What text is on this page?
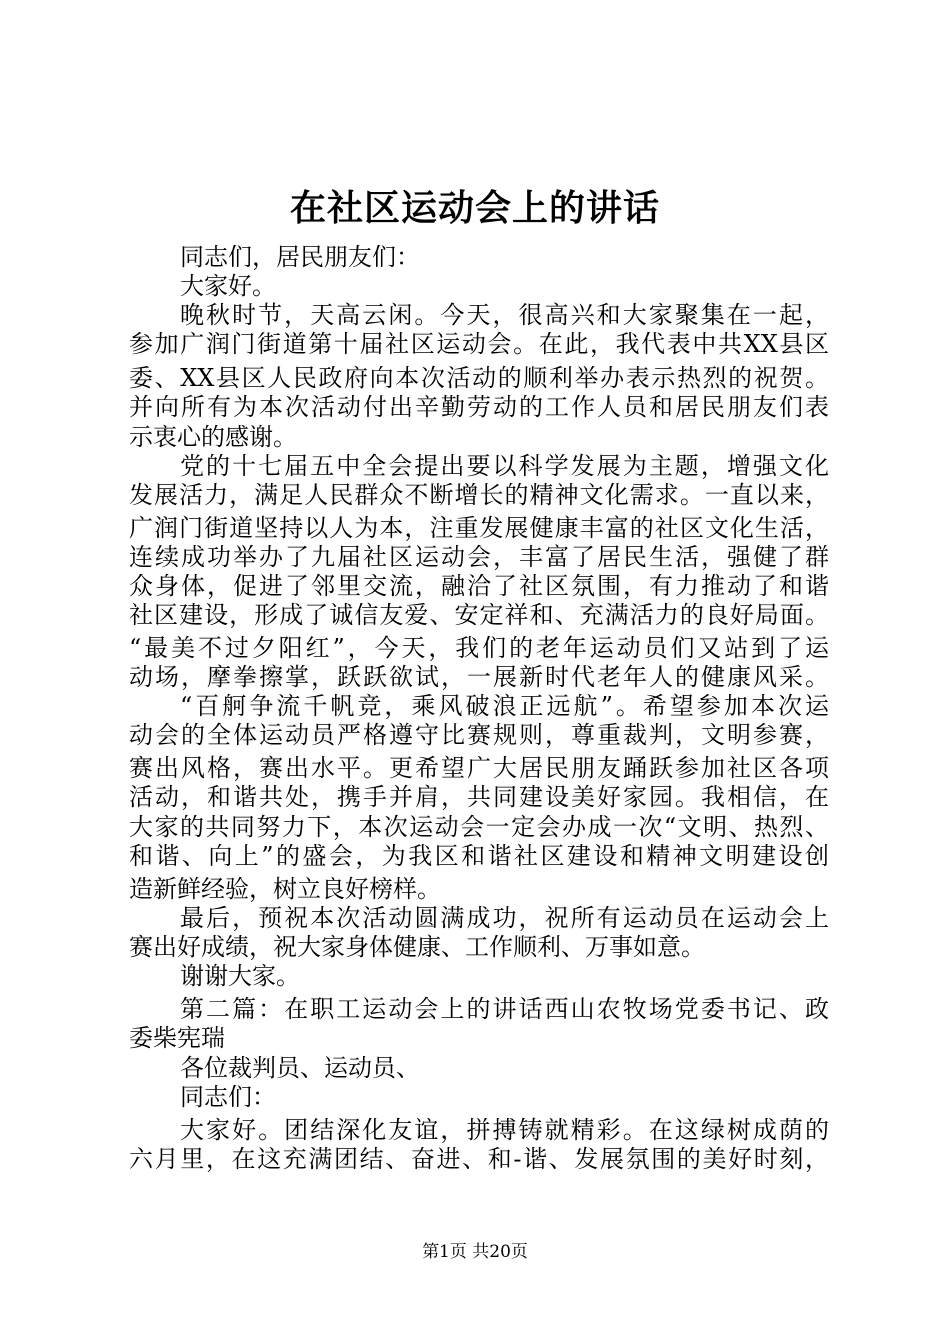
在社区运动会上的讲话
同志们，居民朋友们：
大家好。
晚秋时节，天高云闲。今天，很高兴和大家聚集在一起，
参加广润门街道第十届社区运动会。在此，我代表中共XX县区
委、XX县区人民政府向本次活动的顺利举办表示热烈的祝贺。
并向所有为本次活动付出辛勤劳动的工作人员和居民朋友们表
示衷心的感谢。
党的十七届五中全会提出要以科学发展为主题，增强文化
发展活力，满足人民群众不断增长的精神文化需求。一直以来，
广润门街道坚持以人为本，注重发展健康丰富的社区文化生活，
连续成功举办了九届社区运动会，丰富了居民生活，强健了群
众身体，促进了邻里交流，融洽了社区氛围，有力推动了和谐
社区建设，形成了诚信友爱、安定祥和、充满活力的良好局面。
“最美不过夕阳红”，今天，我们的老年运动员们又站到了运
动场，摩拳擦掌，跃跃欲试，一展新时代老年人的健康风采。
“百舸争流千帆竞，乘风破浪正远航”。希望参加本次运
动会的全体运动员严格遵守比赛规则，尊重裁判，文明参赛，
赛出风格，赛出水平。更希望广大居民朋友踊跃参加社区各项
活动，和谐共处，携手并肩，共同建设美好家园。我相信，在
大家的共同努力下，本次运动会一定会办成一次“文明、热烈、
和谐、向上”的盛会，为我区和谐社区建设和精神文明建设创
造新鲜经验，树立良好榜样。
最后，预祝本次活动圆满成功，祝所有运动员在运动会上
赛出好成绩，祝大家身体健康、工作顺利、万事如意。
谢谢大家。
第二篇：在职工运动会上的讲话西山农牧场党委书记、政
委柴宪瑞
各位裁判员、运动员、
同志们：
大家好。团结深化友谊，拼搏铸就精彩。在这绿树成荫的
六月里，在这充满团结、奋进、和-谐、发展氛围的美好时刻，
第1页 共20页
